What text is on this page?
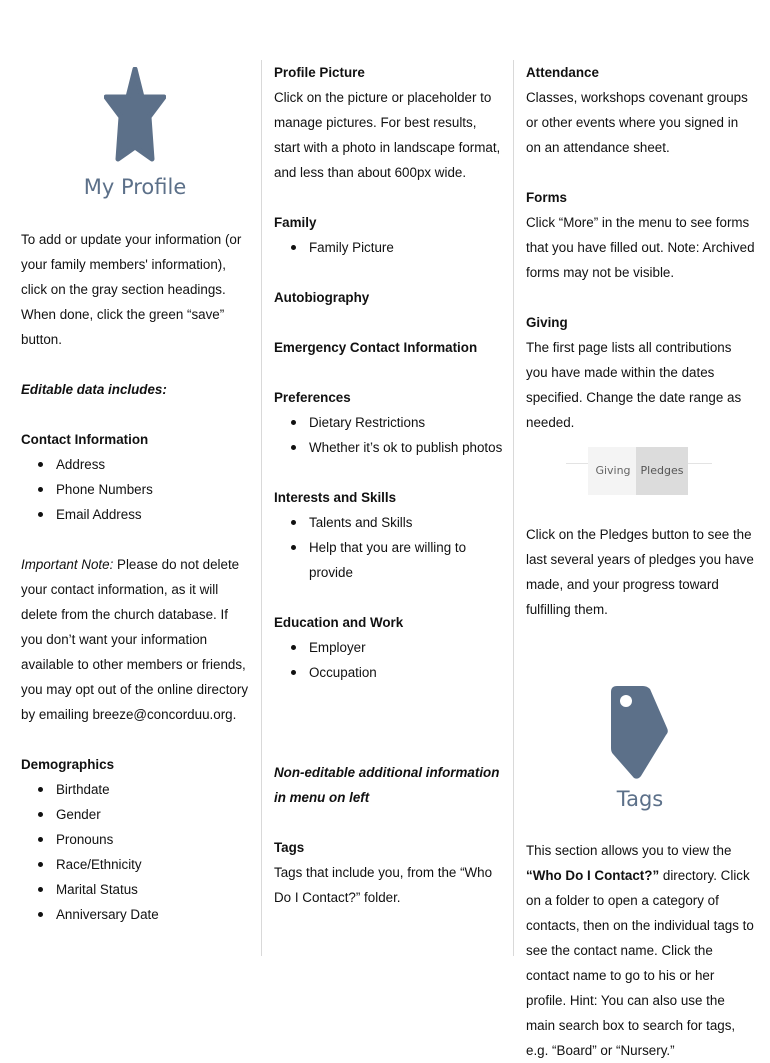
My Profile

To add or update your information (or your family members' information), click on the gray section headings. When done, click the green “save” button.

Editable data includes:

Contact Information

Address
Phone Numbers
Email Address

Important Note: Please do not delete your contact information, as it will delete from the church database. If you don’t want your information available to other members or friends, you may opt out of the online directory by emailing breeze@concorduu.org.

Demographics

Birthdate
Gender
Pronouns
Race/Ethnicity
Marital Status
Anniversary Date

Profile Picture

Click on the picture or placeholder to manage pictures. For best results, start with a photo in landscape format, and less than about 600px wide.

Family

Family Picture

Autobiography

Emergency Contact Information

Preferences

Dietary Restrictions
Whether it’s ok to publish photos

Interests and Skills

Talents and Skills
Help that you are willing to provide

Education and Work

Employer
Occupation

Non-editable additional information in menu on left

Tags

Tags that include you, from the “Who Do I Contact?” folder.

Attendance

Classes, workshops covenant groups or other events where you signed in on an attendance sheet.

Forms

Click “More” in the menu to see forms that you have filled out. Note: Archived forms may not be visible.

Giving

The first page lists all contributions you have made within the dates specified. Change the date range as needed.

Giving Pledges

Click on the Pledges button to see the last several years of pledges you have made, and your progress toward fulfilling them.

Tags

This section allows you to view the “Who Do I Contact?” directory. Click on a folder to open a category of contacts, then on the individual tags to see the contact name. Click the contact name to go to his or her profile. Hint: You can also use the main search box to search for tags, e.g. “Board” or “Nursery.”
